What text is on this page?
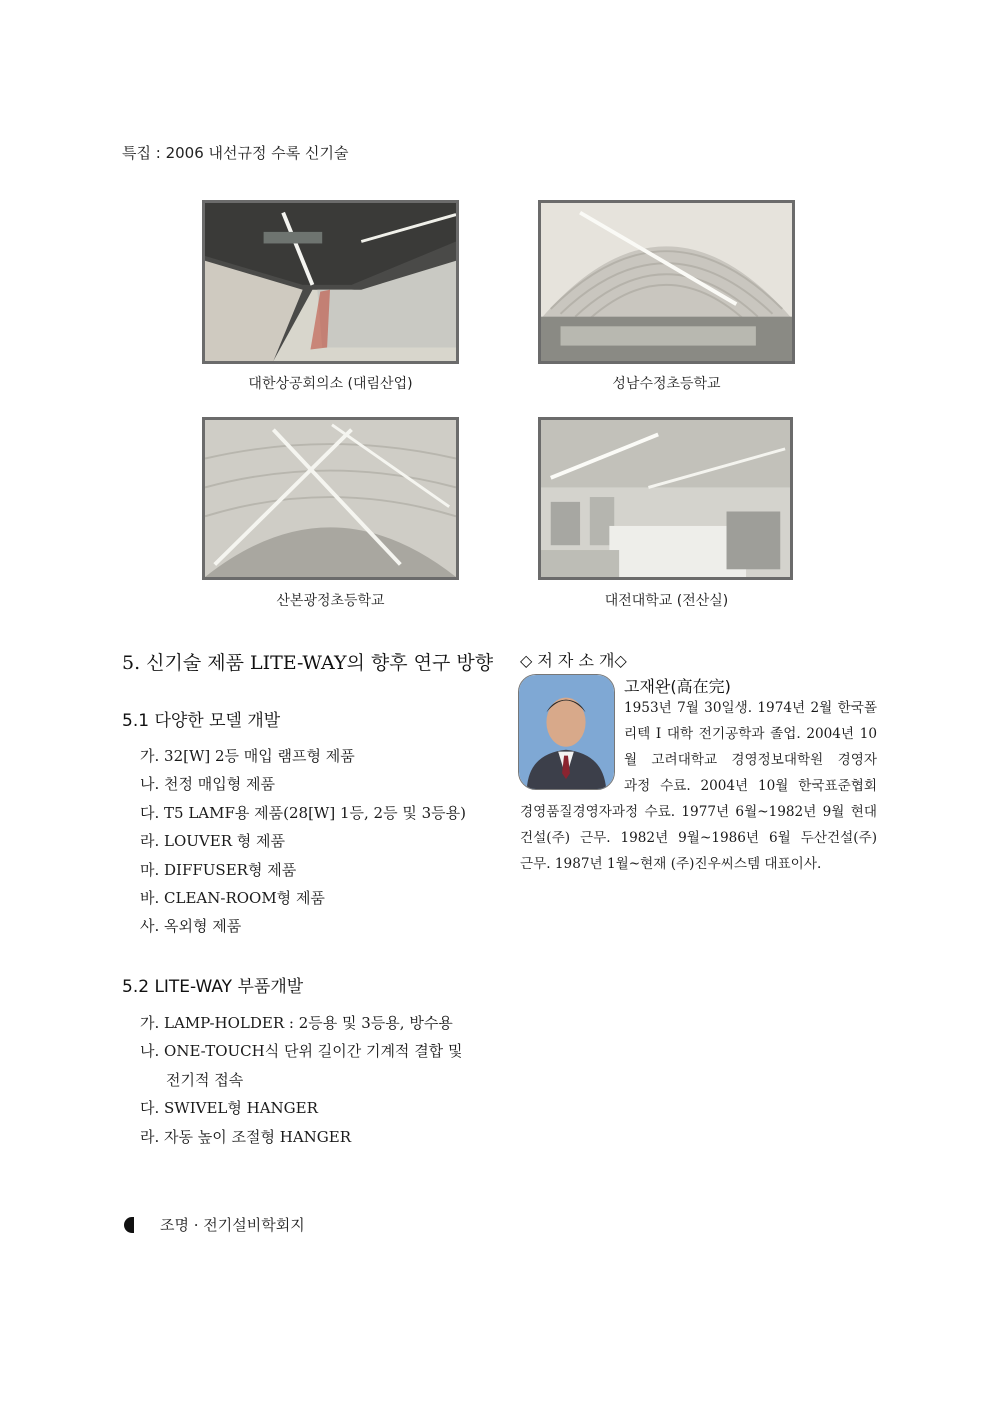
특집 : 2006 내선규정 수록 신기술
대한상공회의소 (대림산업)	성남수정초등학교
산본광정초등학교	대전대학교 (전산실)
5. 신기술 제품 LITE-WAY의 향후 연구 방향
5.1 다양한 모델 개발
가. 32[W] 2등 매입 램프형 제품
나. 천정 매입형 제품
다. T5 LAMF용 제품(28[W] 1등, 2등 및 3등용)
라. LOUVER 형 제품
마. DIFFUSER형 제품
바. CLEAN-ROOM형 제품
사. 옥외형 제품
5.2 LITE-WAY 부품개발
가. LAMP-HOLDER : 2등용 및 3등용, 방수용
나. ONE-TOUCH식 단위 길이간 기계적 결합 및
전기적 접속
다. SWIVEL형 HANGER
라. 자동 높이 조절형 HANGER
◇ 저 자 소 개◇
고재완(高在完)
1953년 7월 30일생. 1974년 2월 한국폴
리텍 I 대학 전기공학과 졸업. 2004년 10
월 고려대학교 경영정보대학원 경영자
과정 수료. 2004년 10월 한국표준협회
경영품질경영자과정 수료. 1977년 6월~1982년 9월 현대
건설(주) 근무. 1982년 9월~1986년 6월 두산건설(주)
근무. 1987년 1월~현재 (주)진우씨스템 대표이사.
조명 · 전기설비학회지
